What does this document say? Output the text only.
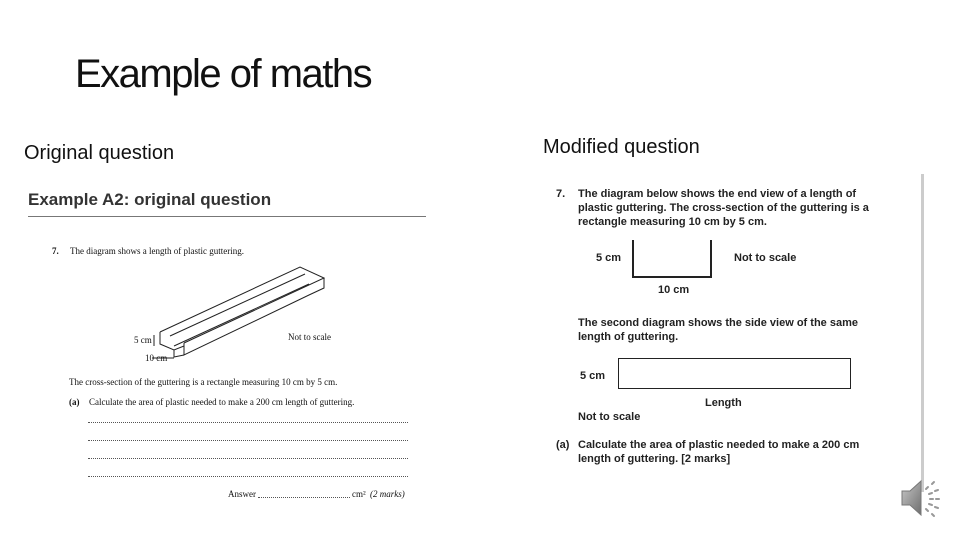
Example of maths
Original question	Modified question
Example A2: original question
7. The diagram shows a length of plastic guttering.
5 cm
10 cm
Not to scale
The cross-section of the guttering is a rectangle measuring 10 cm by 5 cm.
(a) Calculate the area of plastic needed to make a 200 cm length of guttering.
Answer	cm² (2 marks)
7. The diagram below shows the end view of a length of
plastic guttering. The cross-section of the guttering is a
rectangle measuring 10 cm by 5 cm.
5 cm
10 cm
Not to scale
The second diagram shows the side view of the same
length of guttering.
5 cm
Length
Not to scale
(a) Calculate the area of plastic needed to make a 200 cm
length of guttering. [2 marks]
